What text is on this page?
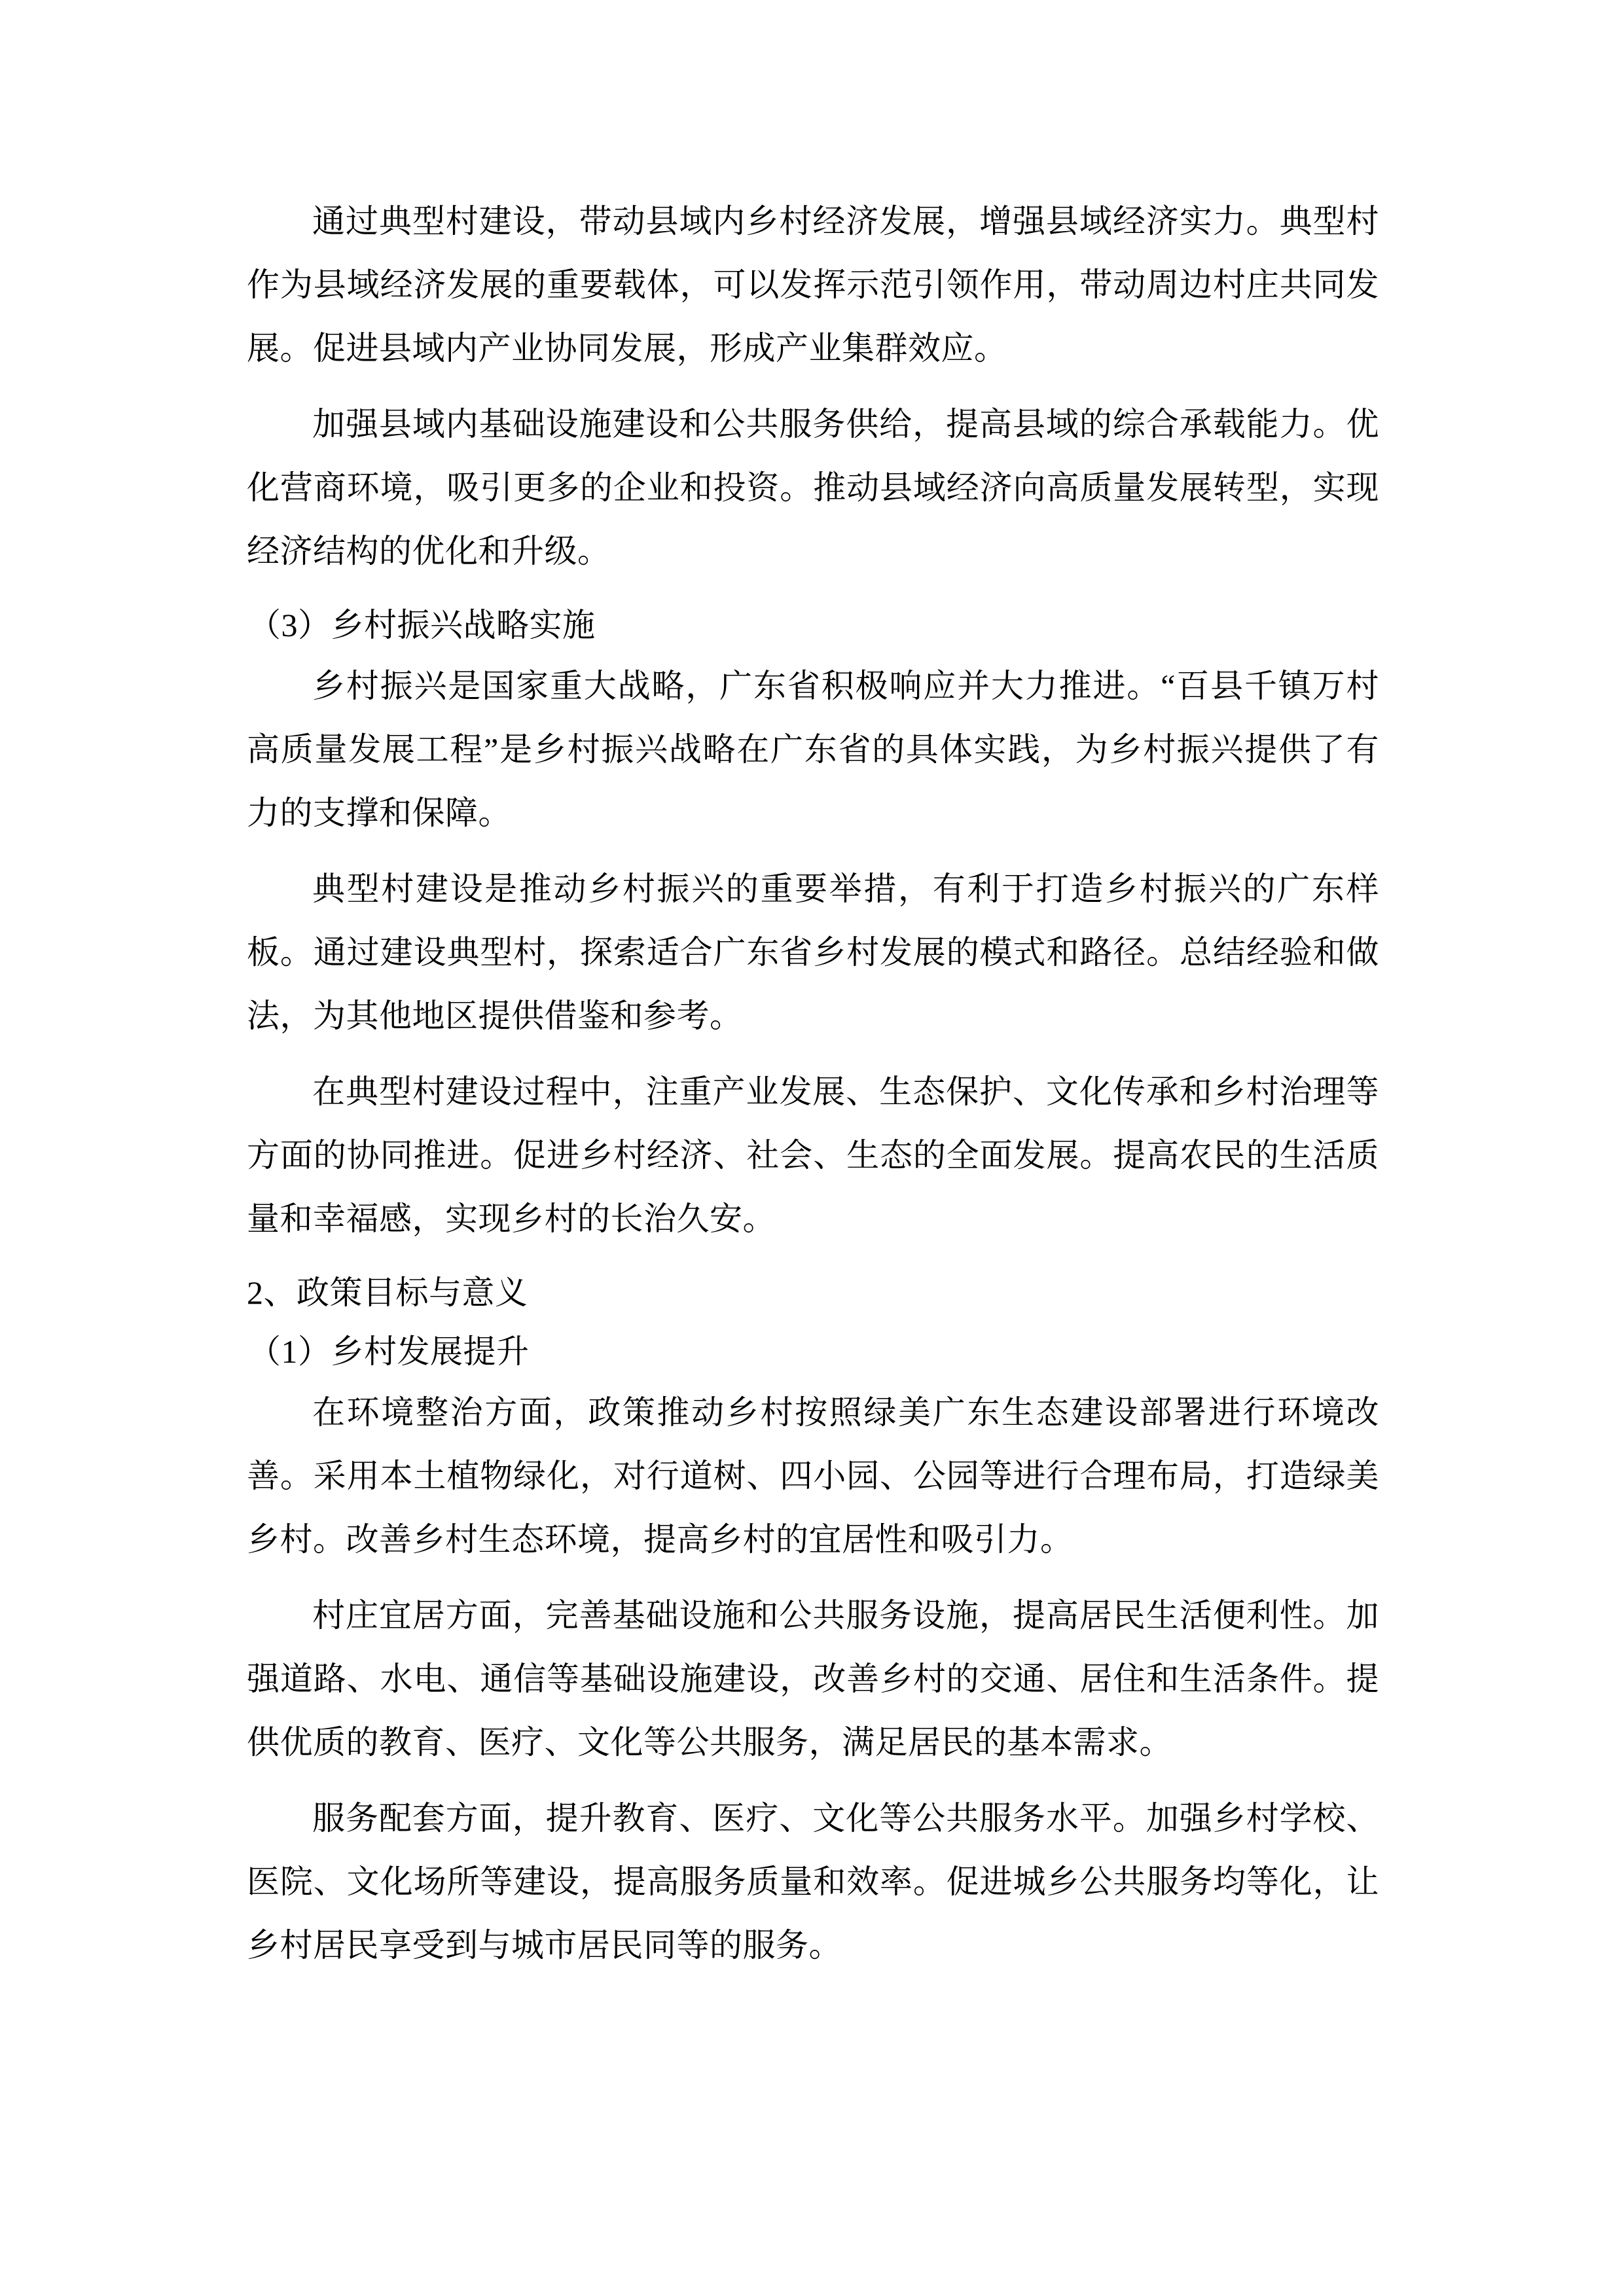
通过典型村建设，带动县域内乡村经济发展，增强县域经济实力。典型村作为县域经济发展的重要载体，可以发挥示范引领作用，带动周边村庄共同发展。促进县域内产业协同发展，形成产业集群效应。

加强县域内基础设施建设和公共服务供给，提高县域的综合承载能力。优化营商环境，吸引更多的企业和投资。推动县域经济向高质量发展转型，实现经济结构的优化和升级。

（3）乡村振兴战略实施

乡村振兴是国家重大战略，广东省积极响应并大力推进。“百县千镇万村高质量发展工程”是乡村振兴战略在广东省的具体实践，为乡村振兴提供了有力的支撑和保障。

典型村建设是推动乡村振兴的重要举措，有利于打造乡村振兴的广东样板。通过建设典型村，探索适合广东省乡村发展的模式和路径。总结经验和做法，为其他地区提供借鉴和参考。

在典型村建设过程中，注重产业发展、生态保护、文化传承和乡村治理等方面的协同推进。促进乡村经济、社会、生态的全面发展。提高农民的生活质量和幸福感，实现乡村的长治久安。

2、政策目标与意义

（1）乡村发展提升

在环境整治方面，政策推动乡村按照绿美广东生态建设部署进行环境改善。采用本土植物绿化，对行道树、四小园、公园等进行合理布局，打造绿美乡村。改善乡村生态环境，提高乡村的宜居性和吸引力。

村庄宜居方面，完善基础设施和公共服务设施，提高居民生活便利性。加强道路、水电、通信等基础设施建设，改善乡村的交通、居住和生活条件。提供优质的教育、医疗、文化等公共服务，满足居民的基本需求。

服务配套方面，提升教育、医疗、文化等公共服务水平。加强乡村学校、医院、文化场所等建设，提高服务质量和效率。促进城乡公共服务均等化，让乡村居民享受到与城市居民同等的服务。
